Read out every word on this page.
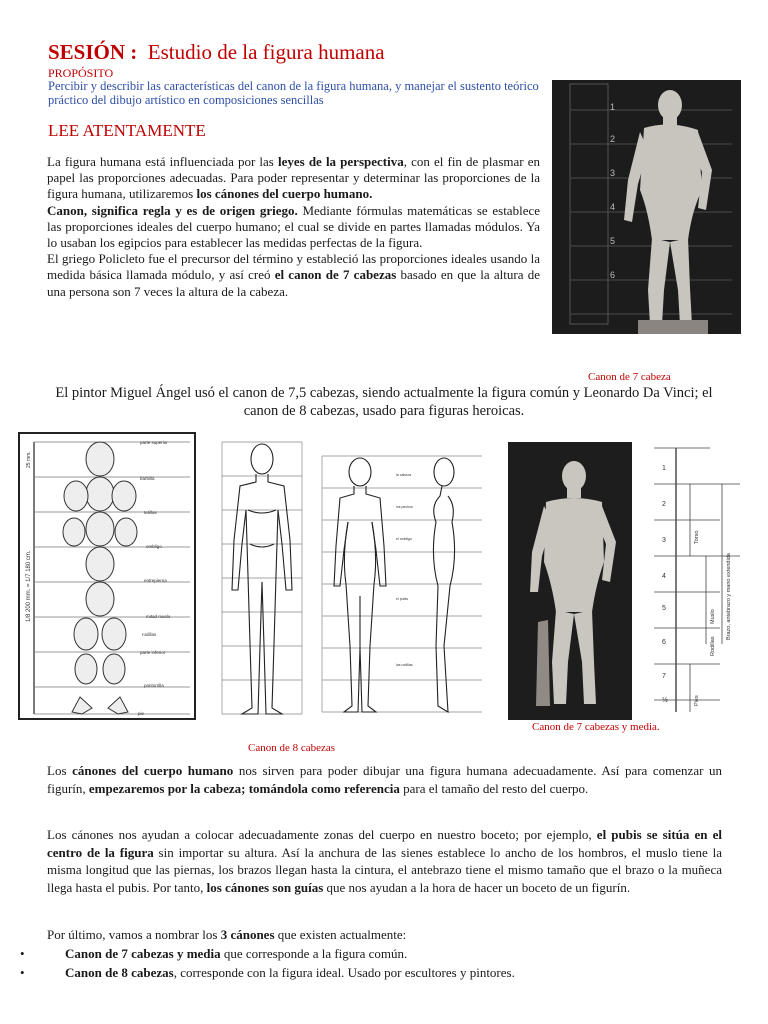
SESIÓN : Estudio de la figura humana
PROPÓSITO
Percibir y describir las características del canon de la figura humana, y manejar el sustento teórico práctico del dibujo artístico en composiciones sencillas
LEE ATENTAMENTE

La figura humana está influenciada por las leyes de la perspectiva, con el fin de plasmar en papel las proporciones adecuadas. Para poder representar y determinar las proporciones de la figura humana, utilizaremos los cánones del cuerpo humano.

Canon, significa regla y es de origen griego. Mediante fórmulas matemáticas se establece las proporciones ideales del cuerpo humano; el cual se divide en partes llamadas módulos. Ya lo usaban los egipcios para establecer las medidas perfectas de la figura.

El griego Policleto fue el precursor del término y estableció las proporciones ideales usando la medida básica llamada módulo, y así creó el canon de 7 cabezas basado en que la altura de una persona son 7 veces la altura de la cabeza.

1
2
3
4
5
6
Canon de 7 cabeza
El pintor Miguel Ángel usó el canon de 7,5 cabezas, siendo actualmente la figura común y Leonardo Da Vinci; el canon de 8 cabezas, usado para figuras heroicas.
parte superior
barbilla
tetillas
ombligo
entrepierna
mitad muslo
rodillas
parte inferior
pantorrilla
pie
1/8 200 mm. = 1/7 180 cm.
25 mm.
la cabeza
los pechos
el ombligo
el pubis
las rodillas
1
2
3
4
5
6
7
½
Torso
Muslo
Rodillas
Pies
Brazo, antebrazo y mano extendida
Canon de 7 cabezas y media.
Canon de 8 cabezas
Los cánones del cuerpo humano nos sirven para poder dibujar una figura humana adecuadamente. Así para comenzar un figurín, empezaremos por la cabeza; tomándola como referencia para el tamaño del resto del cuerpo.
Los cánones nos ayudan a colocar adecuadamente zonas del cuerpo en nuestro boceto; por ejemplo, el pubis se sitúa en el centro de la figura sin importar su altura. Así la anchura de las sienes establece lo ancho de los hombros, el muslo tiene la misma longitud que las piernas, los brazos llegan hasta la cintura, el antebrazo tiene el mismo tamaño que el brazo o la muñeca llega hasta el pubis. Por tanto, los cánones son guías que nos ayudan a la hora de hacer un boceto de un figurín.
Por último, vamos a nombrar los 3 cánones que existen actualmente:
•	Canon de 7 cabezas y media que corresponde a la figura común.
•	Canon de 8 cabezas, corresponde con la figura ideal. Usado por escultores y pintores.
